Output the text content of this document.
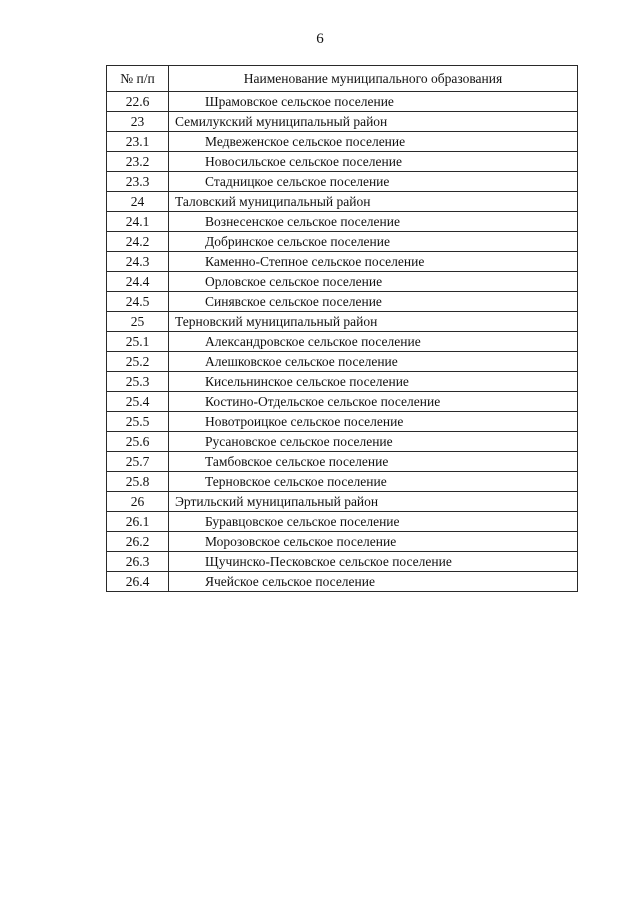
6
№ п/п	Наименование муниципального образования
22.6	Шрамовское сельское поселение
23	Семилукский муниципальный район
23.1	Медвеженское сельское поселение
23.2	Новосильское сельское поселение
23.3	Стадницкое сельское поселение
24	Таловский муниципальный район
24.1	Вознесенское сельское поселение
24.2	Добринское сельское поселение
24.3	Каменно-Степное сельское поселение
24.4	Орловское сельское поселение
24.5	Синявское сельское поселение
25	Терновский муниципальный район
25.1	Александровское сельское поселение
25.2	Алешковское сельское поселение
25.3	Кисельнинское сельское поселение
25.4	Костино-Отдельское сельское поселение
25.5	Новотроицкое сельское поселение
25.6	Русановское сельское поселение
25.7	Тамбовское сельское поселение
25.8	Терновское сельское поселение
26	Эртильский муниципальный район
26.1	Буравцовское сельское поселение
26.2	Морозовское сельское поселение
26.3	Щучинско-Песковское сельское поселение
26.4	Ячейское сельское поселение
